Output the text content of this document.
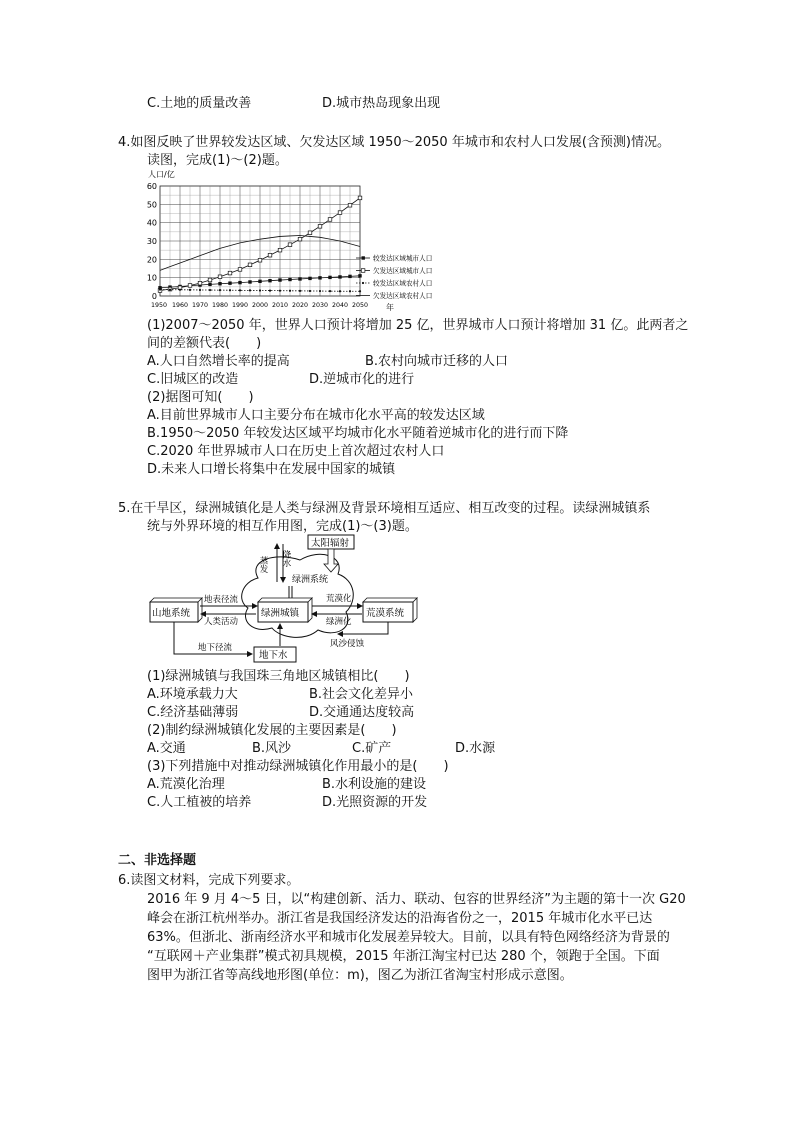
C.土地的质量改善	D.城市热岛现象出现
4.如图反映了世界较发达区域、欠发达区域 1950～2050 年城市和农村人口发展(含预测)情况。
读图，完成(1)～(2)题。
人口/亿
0
10
20
30
40
50
60
1950 1960 1970 1980 1990 2000 2010 2020 2030 2040 2050 年
较发达区域城市人口
欠发达区域城市人口
较发达区域农村人口
欠发达区域农村人口
(1)2007～2050 年，世界人口预计将增加 25 亿，世界城市人口预计将增加 31 亿。此两者之
间的差额代表(　　)
A.人口自然增长率的提高	B.农村向城市迁移的人口
C.旧城区的改造	D.逆城市化的进行
(2)据图可知(　　)
A.目前世界城市人口主要分布在城市化水平高的较发达区域
B.1950～2050 年较发达区域平均城市化水平随着逆城市化的进行而下降
C.2020 年世界城市人口在历史上首次超过农村人口
D.未来人口增长将集中在发展中国家的城镇
5.在干旱区，绿洲城镇化是人类与绿洲及背景环境相互适应、相互改变的过程。读绿洲城镇系
统与外界环境的相互作用图，完成(1)～(3)题。
太阳辐射
蒸发 降水
绿洲系统
山地系统	绿洲城镇	荒漠系统
地表径流
人类活动
荒漠化
绿洲化
风沙侵蚀
地下径流
地下水
(1)绿洲城镇与我国珠三角地区城镇相比(　　)
A.环境承载力大	B.社会文化差异小
C.经济基础薄弱	D.交通通达度较高
(2)制约绿洲城镇化发展的主要因素是(　　)
A.交通	B.风沙	C.矿产	D.水源
(3)下列措施中对推动绿洲城镇化作用最小的是(　　)
A.荒漠化治理	B.水利设施的建设
C.人工植被的培养	D.光照资源的开发
二、非选择题
6.读图文材料，完成下列要求。
2016 年 9 月 4～5 日，以“构建创新、活力、联动、包容的世界经济”为主题的第十一次 G20
峰会在浙江杭州举办。浙江省是我国经济发达的沿海省份之一，2015 年城市化水平已达
63%。但浙北、浙南经济水平和城市化发展差异较大。目前，以具有特色网络经济为背景的
“互联网＋产业集群”模式初具规模，2015 年浙江淘宝村已达 280 个，领跑于全国。下面
图甲为浙江省等高线地形图(单位：m)，图乙为浙江省淘宝村形成示意图。
